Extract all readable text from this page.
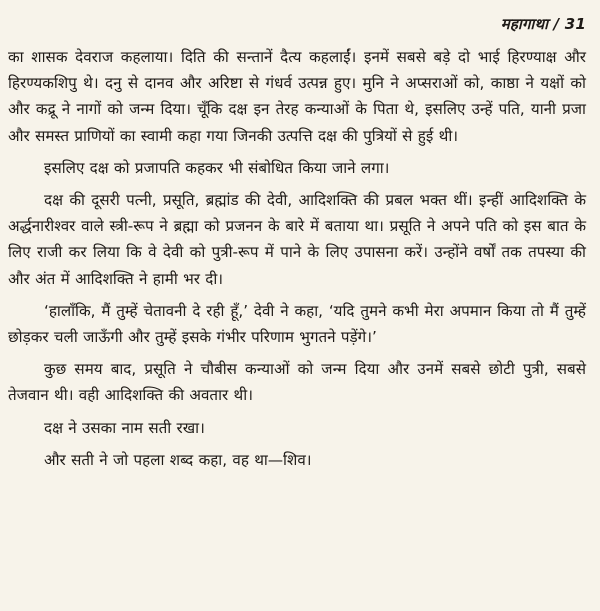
महागाथा / 31

का शासक देवराज कहलाया। दिति की सन्तानें दैत्य कहलाईं। इनमें सबसे बड़े दो भाई हिरण्याक्ष और हिरण्यकशिपु थे। दनु से दानव और अरिष्टा से गंधर्व उत्पन्न हुए। मुनि ने अप्सराओं को, काष्ठा ने यक्षों को और कद्रू ने नागों को जन्म दिया। चूँकि दक्ष इन तेरह कन्याओं के पिता थे, इसलिए उन्हें पति, यानी प्रजा और समस्त प्राणियों का स्वामी कहा गया जिनकी उत्पत्ति दक्ष की पुत्रियों से हुई थी।

इसलिए दक्ष को प्रजापति कहकर भी संबोधित किया जाने लगा।

दक्ष की दूसरी पत्नी, प्रसूति, ब्रह्मांड की देवी, आदिशक्ति की प्रबल भक्त थीं। इन्हीं आदिशक्ति के अर्द्धनारीश्वर वाले स्त्री-रूप ने ब्रह्मा को प्रजनन के बारे में बताया था। प्रसूति ने अपने पति को इस बात के लिए राजी कर लिया कि वे देवी को पुत्री-रूप में पाने के लिए उपासना करें। उन्होंने वर्षों तक तपस्या की और अंत में आदिशक्ति ने हामी भर दी।

‘हालाँकि, मैं तुम्हें चेतावनी दे रही हूँ,’ देवी ने कहा, ‘यदि तुमने कभी मेरा अपमान किया तो मैं तुम्हें छोड़कर चली जाऊँगी और तुम्हें इसके गंभीर परिणाम भुगतने पड़ेंगे।’

कुछ समय बाद, प्रसूति ने चौबीस कन्याओं को जन्म दिया और उनमें सबसे छोटी पुत्री, सबसे तेजवान थी। वही आदिशक्ति की अवतार थी।

दक्ष ने उसका नाम सती रखा।

और सती ने जो पहला शब्द कहा, वह था—शिव।
